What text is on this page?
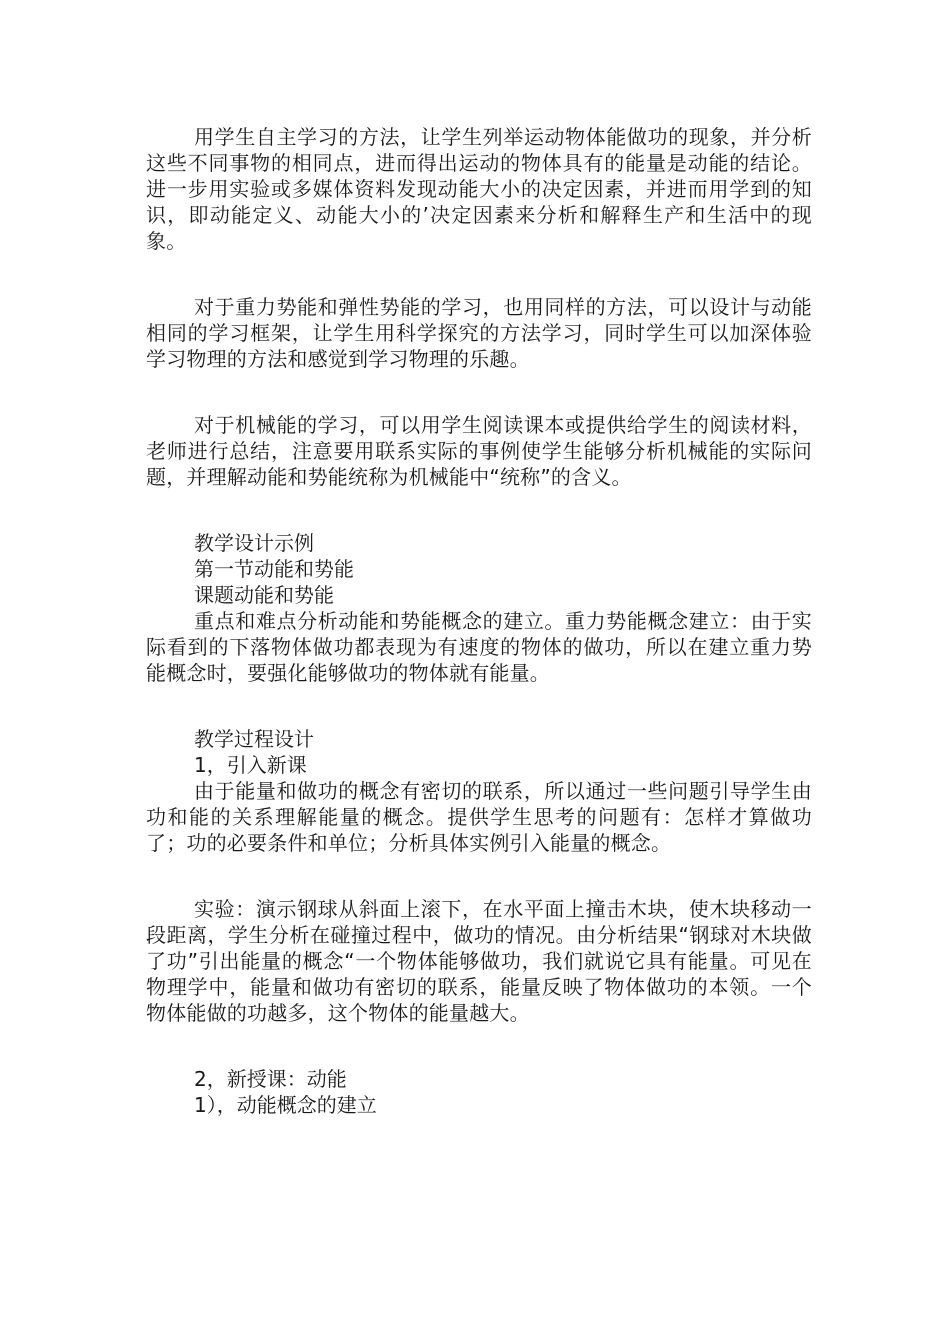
用学生自主学习的方法，让学生列举运动物体能做功的现象，并分析这些不同事物的相同点，进而得出运动的物体具有的能量是动能的结论。进一步用实验或多媒体资料发现动能大小的决定因素，并进而用学到的知识，即动能定义、动能大小的’决定因素来分析和解释生产和生活中的现象。

对于重力势能和弹性势能的学习，也用同样的方法，可以设计与动能相同的学习框架，让学生用科学探究的方法学习，同时学生可以加深体验学习物理的方法和感觉到学习物理的乐趣。

对于机械能的学习，可以用学生阅读课本或提供给学生的阅读材料，老师进行总结，注意要用联系实际的事例使学生能够分析机械能的实际问题，并理解动能和势能统称为机械能中“统称”的含义。

教学设计示例

第一节动能和势能

课题动能和势能

重点和难点分析动能和势能概念的建立。重力势能概念建立：由于实际看到的下落物体做功都表现为有速度的物体的做功，所以在建立重力势能概念时，要强化能够做功的物体就有能量。

教学过程设计

1，引入新课

由于能量和做功的概念有密切的联系，所以通过一些问题引导学生由功和能的关系理解能量的概念。提供学生思考的问题有：怎样才算做功了；功的必要条件和单位；分析具体实例引入能量的概念。

实验：演示钢球从斜面上滚下，在水平面上撞击木块，使木块移动一段距离，学生分析在碰撞过程中，做功的情况。由分析结果“钢球对木块做了功”引出能量的概念“一个物体能够做功，我们就说它具有能量。可见在物理学中，能量和做功有密切的联系，能量反映了物体做功的本领。一个物体能做的功越多，这个物体的能量越大。

2，新授课：动能

1），动能概念的建立
